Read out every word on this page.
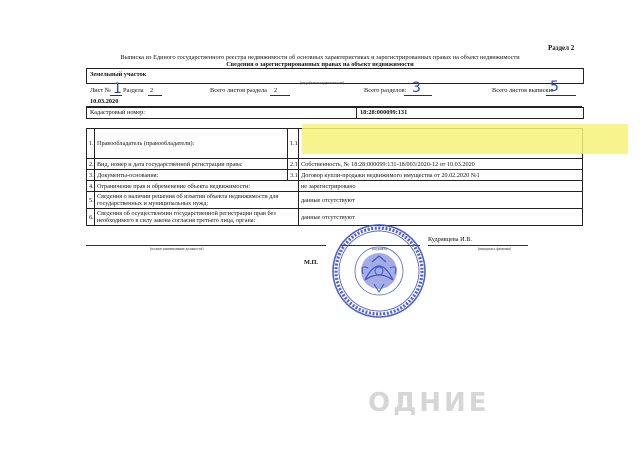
Раздел 2
Выписка из Единого государственного реестра недвижимости об основных характеристиках и зарегистрированных правах на объект недвижимости
Сведения о зарегистрированных правах на объект недвижимости
Земельный участок
(вид объекта недвижимости)
Лист № 1 Раздела 2	Всего листов раздела 2	Всего разделов: 3	Всего листов выписки:
5
10.03.2020
Кадастровый номер:	18:28:000099:131
1.	Правообладатель (правообладатели):	1.1.	

2.	Вид, номер и дата государственной регистрации права:	2.1.	Собственность, № 18:28:000099:131-18/003/2020-12 от 10.03.2020
3.	Документы-основания:	3.1.	Договор купли-продажи недвижимого имущества от 20.02.2020 №1
4.	Ограничение прав и обременение объекта недвижимости:		не зарегистрировано
5.	Сведения о наличии решения об изъятии объекта недвижимости для государственных и муниципальных нужд:		данные отсутствуют
6.	Сведения об осуществлении государственной регистрации прав без необходимого в силу закона согласия третьего лица, органа:		данные отсутствуют
(полное наименование должности)	(подпись)
Кудрявцева И.В.
(инициалы, фамилия)
М.П.
ОДНИЕ
